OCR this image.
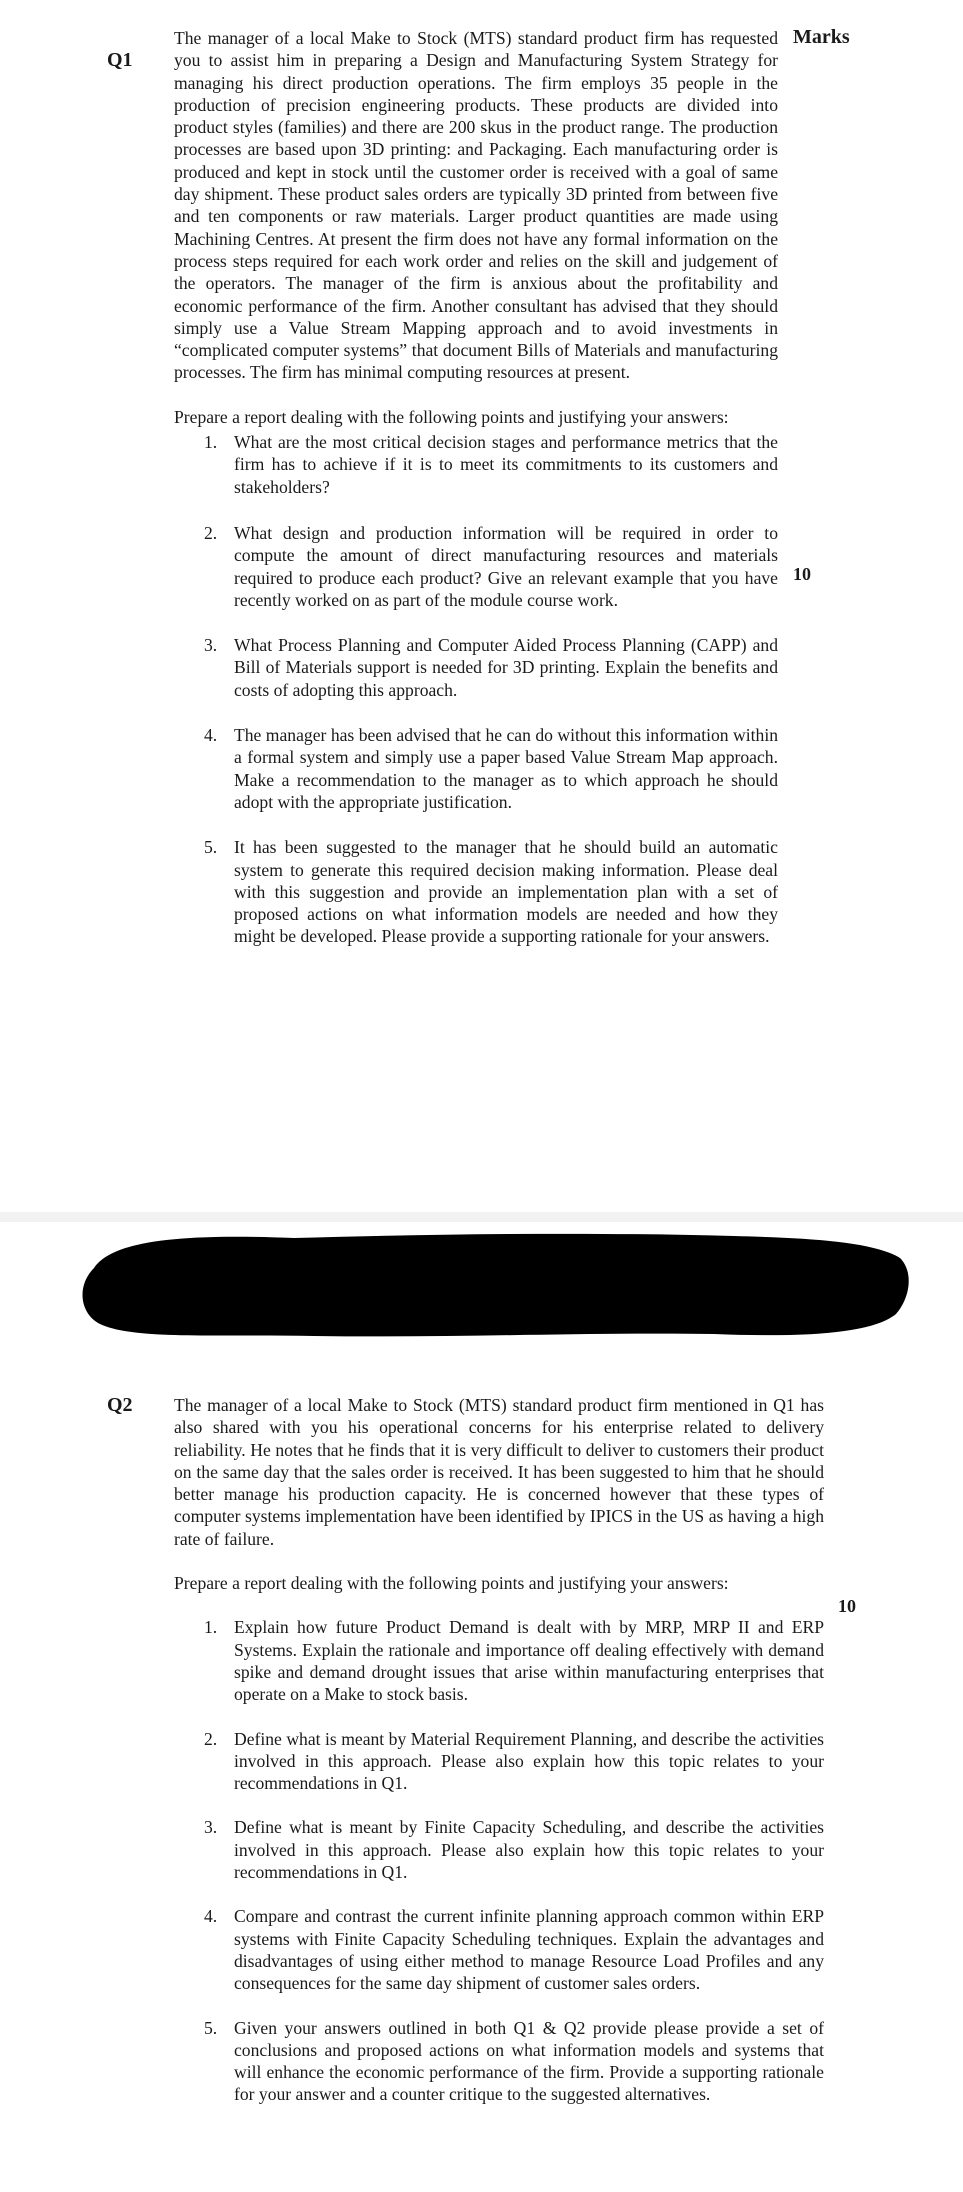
Q1
Marks

The manager of a local Make to Stock (MTS) standard product firm has requested you to assist him in preparing a Design and Manufacturing System Strategy for managing his direct production operations. The firm employs 35 people in the production of precision engineering products. These products are divided into product styles (families) and there are 200 skus in the product range. The production processes are based upon 3D printing: and Packaging. Each manufacturing order is produced and kept in stock until the customer order is received with a goal of same day shipment. These product sales orders are typically 3D printed from between five and ten components or raw materials. Larger product quantities are made using Machining Centres. At present the firm does not have any formal information on the process steps required for each work order and relies on the skill and judgement of the operators. The manager of the firm is anxious about the profitability and economic performance of the firm. Another consultant has advised that they should simply use a Value Stream Mapping approach and to avoid investments in “complicated computer systems” that document Bills of Materials and manufacturing processes. The firm has minimal computing resources at present.

Prepare a report dealing with the following points and justifying your answers:

1. What are the most critical decision stages and performance metrics that the firm has to achieve if it is to meet its commitments to its customers and stakeholders?
2. What design and production information will be required in order to compute the amount of direct manufacturing resources and materials required to produce each product? Give an relevant example that you have recently worked on as part of the module course work.
3. What Process Planning and Computer Aided Process Planning (CAPP) and Bill of Materials support is needed for 3D printing. Explain the benefits and costs of adopting this approach.
4. The manager has been advised that he can do without this information within a formal system and simply use a paper based Value Stream Map approach. Make a recommendation to the manager as to which approach he should adopt with the appropriate justification.
5. It has been suggested to the manager that he should build an automatic system to generate this required decision making information. Please deal with this suggestion and provide an implementation plan with a set of proposed actions on what information models are needed and how they might be developed. Please provide a supporting rationale for your answers.
10
Q2 The manager of a local Make to Stock (MTS) standard product firm mentioned in Q1 has also shared with you his operational concerns for his enterprise related to delivery reliability. He notes that he finds that it is very difficult to deliver to customers their product on the same day that the sales order is received. It has been suggested to him that he should better manage his production capacity. He is concerned however that these types of computer systems implementation have been identified by IPICS in the US as having a high rate of failure.

Prepare a report dealing with the following points and justifying your answers:

1. Explain how future Product Demand is dealt with by MRP, MRP II and ERP Systems. Explain the rationale and importance off dealing effectively with demand spike and demand drought issues that arise within manufacturing enterprises that operate on a Make to stock basis.
2. Define what is meant by Material Requirement Planning, and describe the activities involved in this approach. Please also explain how this topic relates to your recommendations in Q1.
3. Define what is meant by Finite Capacity Scheduling, and describe the activities involved in this approach. Please also explain how this topic relates to your recommendations in Q1.
4. Compare and contrast the current infinite planning approach common within ERP systems with Finite Capacity Scheduling techniques. Explain the advantages and disadvantages of using either method to manage Resource Load Profiles and any consequences for the same day shipment of customer sales orders.
5. Given your answers outlined in both Q1 & Q2 provide please provide a set of conclusions and proposed actions on what information models and systems that will enhance the economic performance of the firm. Provide a supporting rationale for your answer and a counter critique to the suggested alternatives.
10
